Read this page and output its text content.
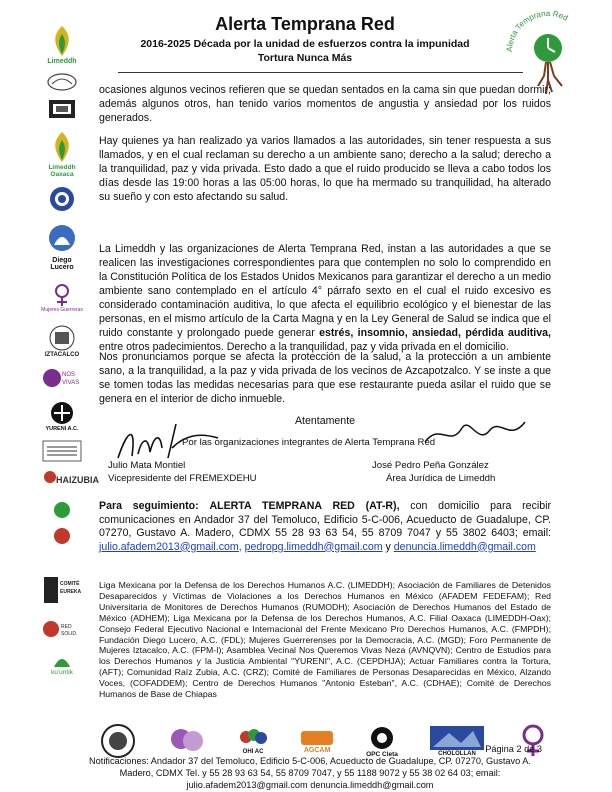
Alerta Temprana Red
2016-2025 Década por la unidad de esfuerzos contra la impunidad
Tortura Nunca Más
Alerta Temprana Red
Limeddh
Limeddh Oaxaca
Diego Lucero
Mujeres Guerreras
IZTACALCO
NOS
VIVAS
YURENI A.C.
HAIZUBIA
COMITÉ
EUREKA
RED
SOLID.
ku'untik

ocasiones algunos vecinos refieren que se quedan sentados en la cama sin que puedan dormir; además algunos otros, han tenido varios momentos de angustia y ansiedad por los ruidos generados.

Hay quienes ya han realizado ya varios llamados a las autoridades, sin tener respuesta a sus llamados, y en el cual reclaman su derecho a un ambiente sano; derecho a la salud; derecho a la tranquilidad, paz y vida privada. Esto dado a que el ruido producido se lleva a cabo todos los días desde las 19:00 horas a las 05:00 horas, lo que ha mermado su tranquilidad, ha alterado su sueño y con esto afectando su salud.

La Limeddh y las organizaciones de Alerta Temprana Red, instan a las autoridades a que se realicen las investigaciones correspondientes para que contemplen no solo lo comprendido en la Constitución Política de los Estados Unidos Mexicanos para garantizar el derecho a un medio ambiente sano contemplado en el artículo 4° párrafo sexto en el cual el ruido excesivo es considerado contaminación auditiva, lo que afecta el equilibrio ecológico y el bienestar de las personas, en el mismo artículo de la Carta Magna y en la Ley General de Salud se indica que el ruido constante y prolongado puede generar estrés, insomnio, ansiedad, pérdida auditiva, entre otros padecimientos. Derecho a la tranquilidad, paz y vida privada en el domicilio.

Nos pronunciamos porque se afecta la protección de la salud, a la protección a un ambiente sano, a la tranquilidad, a la paz y vida privada de los vecinos de Azcapotzalco. Y se inste a que se tomen todas las medidas necesarias para que ese restaurante pueda asilar el ruido que se genera en el interior de dicho inmueble.

Atentamente
Por las organizaciones integrantes de Alerta Temprana Red
Julio Mata Montiel
Vicepresidente del FREMEXDEHU
José Pedro Peña González
Área Jurídica de Limeddh

Para seguimiento: ALERTA TEMPRANA RED (AT-R), con domicilio para recibir comunicaciones en Andador 37 del Temoluco, Edificio 5-C-006, Acueducto de Guadalupe, CP. 07270, Gustavo A. Madero, CDMX 55 28 93 63 54, 55 8709 7047 y 55 3802 6403; email: julio.afadem2013@gmail.com, pedropg.limeddh@gmail.com y denuncia.limeddh@gmail.com

Liga Mexicana por la Defensa de los Derechos Humanos A.C. (LIMEDDH); Asociación de Familiares de Detenidos Desaparecidos y Víctimas de Violaciones a los Derechos Humanos en México (AFADEM FEDEFAM); Red Universitaria de Monitores de Derechos Humanos (RUMODH); Asociación de Derechos Humanos del Estado de México (ADHEM); Liga Mexicana por la Defensa de los Derechos Humanos, A.C. Filial Oaxaca (LIMEDDH-Oax); Consejo Federal Ejecutivo Nacional e Internacional del Frente Mexicano Pro Derechos Humanos, A.C. (FMPDH); Fundación Diego Lucero, A.C. (FDL); Mujeres Guerrerenses por la Democracia, A.C. (MGD); Foro Permanente de Mujeres Iztacalco, A.C. (FPM-I); Asamblea Vecinal Nos Queremos Vivas Neza (AVNQVN); Centro de Estudios para los Derechos Humanos y la Justicia Ambiental "YURENI", A.C. (CEPDHJA); Actuar Familiares contra la Tortura, (AFT); Comunidad Raíz Zubia, A.C. (CRZ); Comité de Familiares de Personas Desaparecidas en México, Alzando Voces, (COFADDEM); Centro de Derechos Humanos "Antonio Esteban", A.C. (CDHAE); Comité de Derechos Humanos de Base de Chiapas
OHI AC	AGCAM
OPC Cleta	CHOLOLLAN Página 2 de 3
Notificaciones: Andador 37 del Temoluco, Edificio 5-C-006, Acueducto de Guadalupe, CP. 07270, Gustavo A.
Madero, CDMX Tel. y 55 28 93 63 54, 55 8709 7047, y 55 1188 9072 y 55 38 02 64 03; email:
julio.afadem2013@gmail.com denuncia.limeddh@gmail.com
